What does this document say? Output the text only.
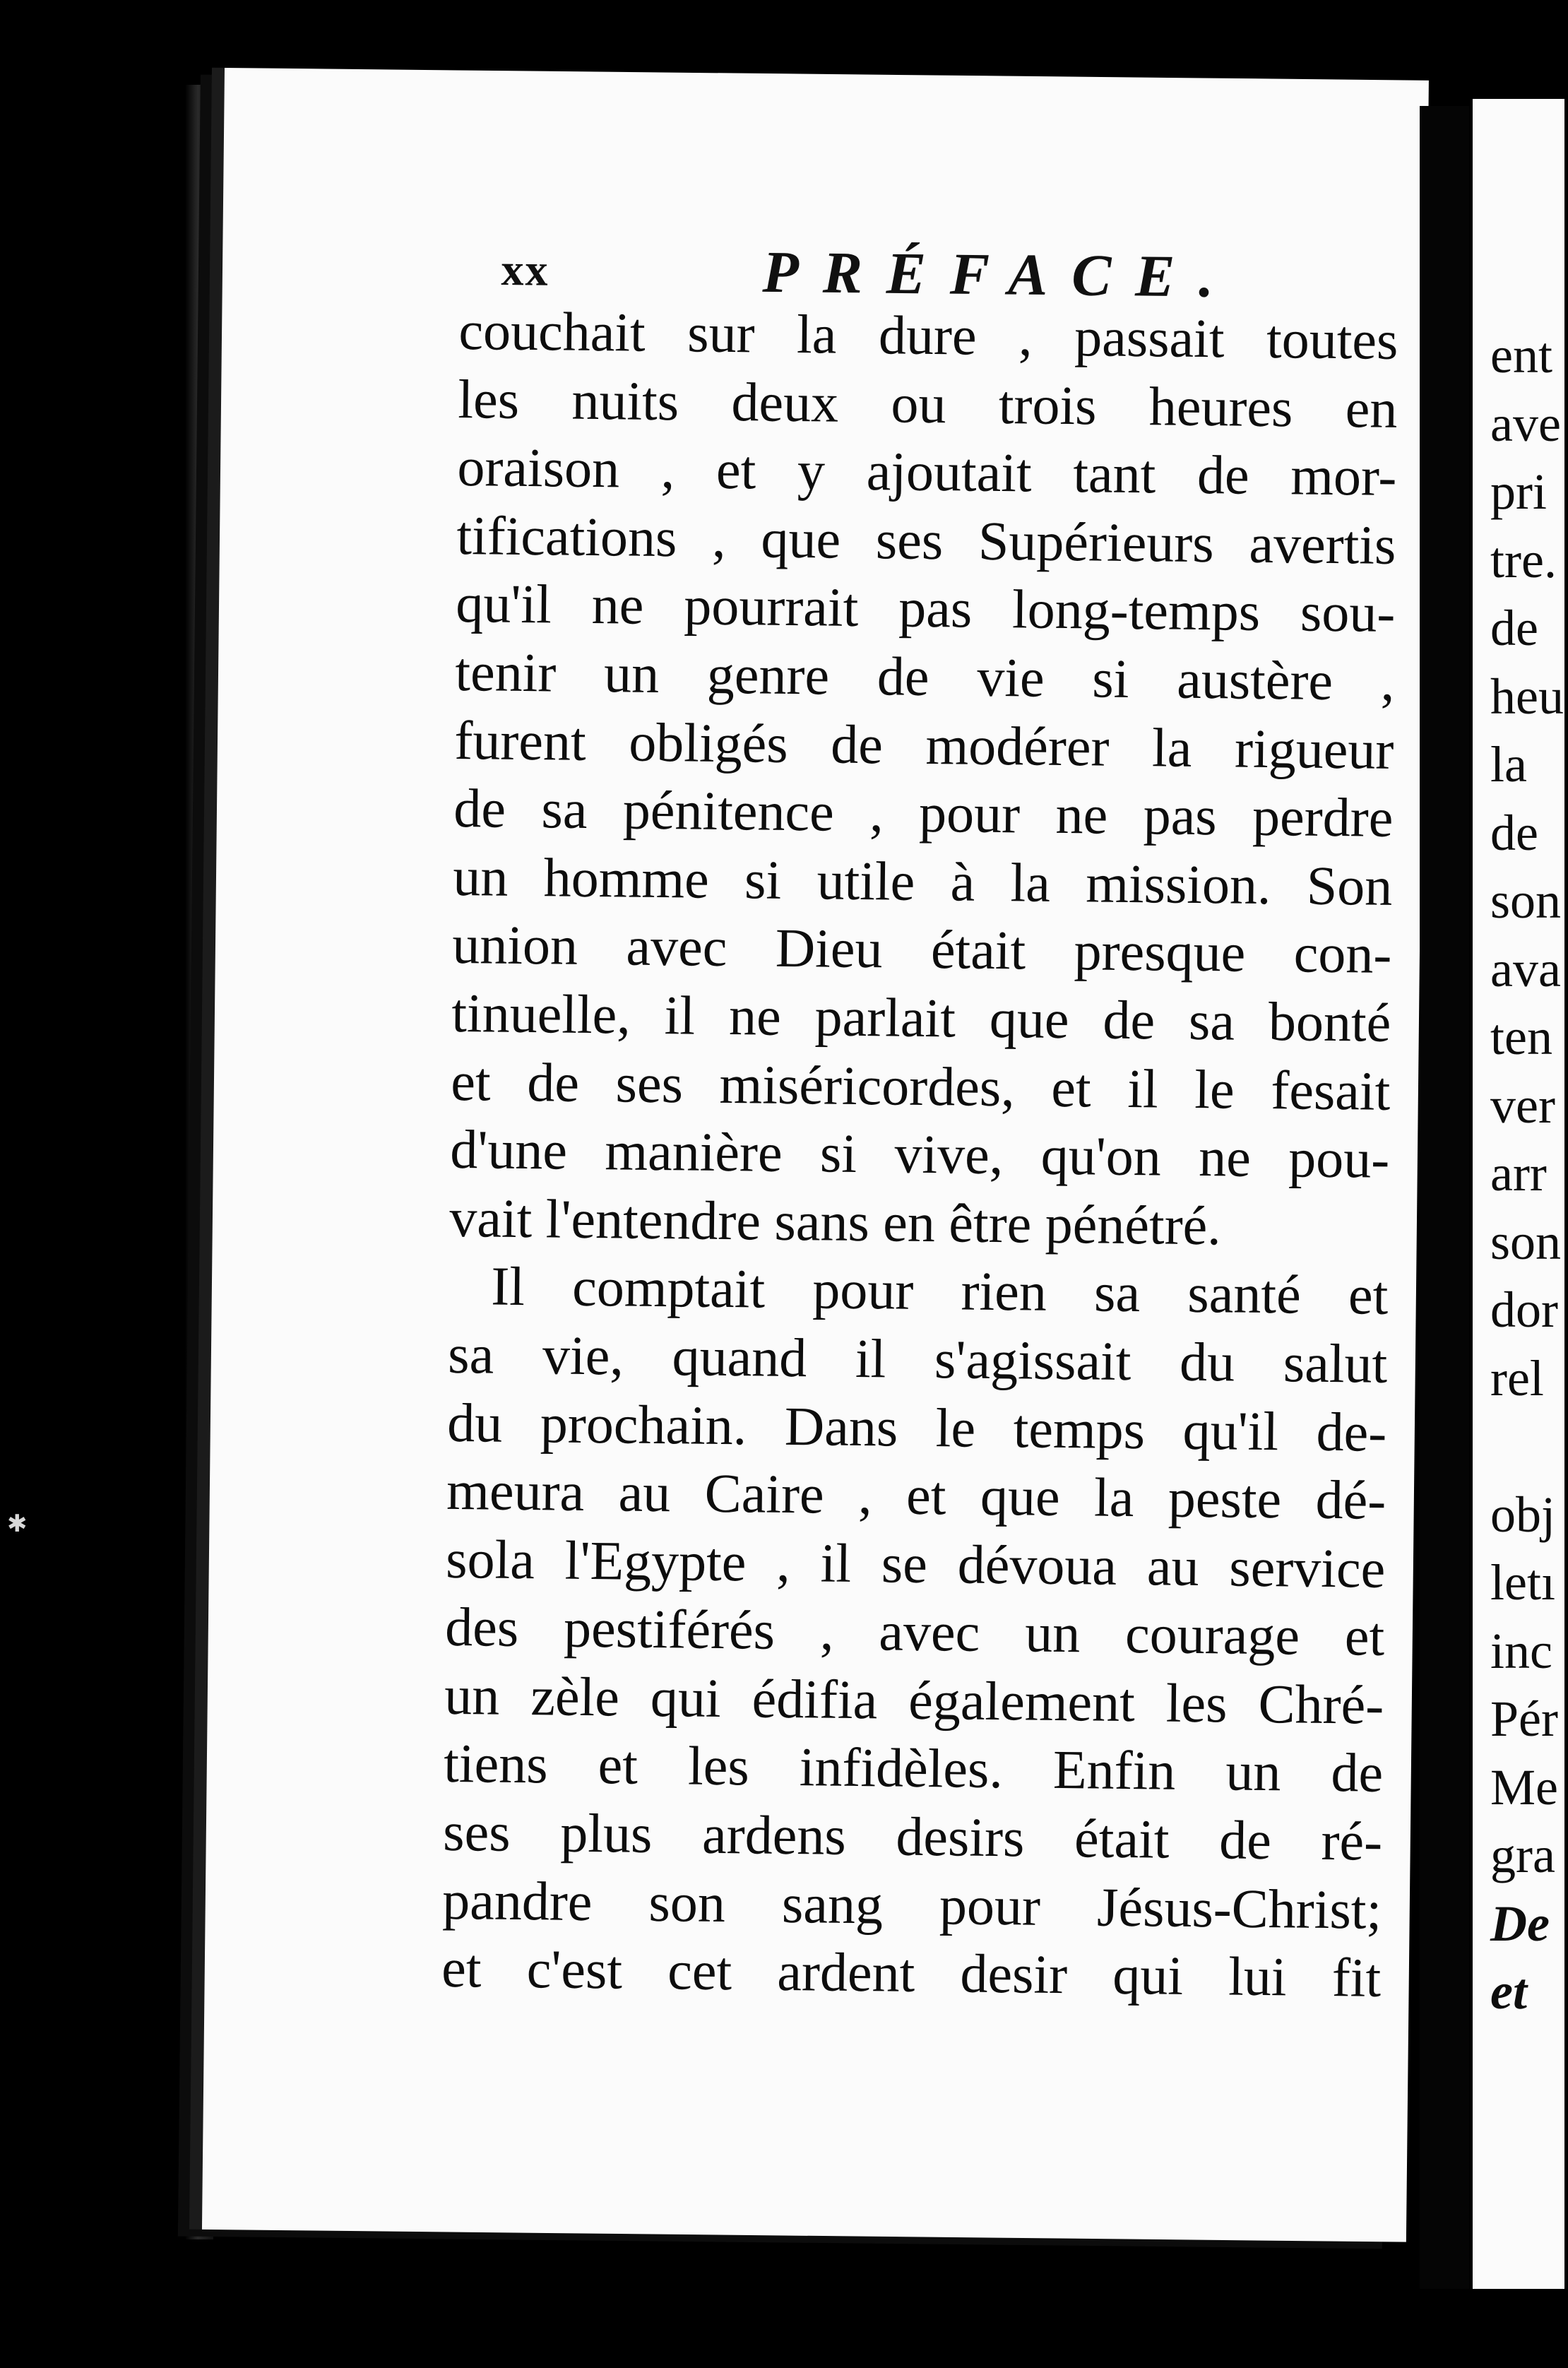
xx	PRÉFACE.
couchait sur la dure , passait toutes
les nuits deux ou trois heures en
oraison , et y ajoutait tant de mor-
tifications , que ses Supérieurs avertis
qu'il ne pourrait pas long-temps sou-
tenir un genre de vie si austère ,
furent obligés de modérer la rigueur
de sa pénitence , pour ne pas perdre
un homme si utile à la mission. Son
union avec Dieu était presque con-
tinuelle, il ne parlait que de sa bonté
et de ses miséricordes, et il le fesait
d'une manière si vive, qu'on ne pou-
vait l'entendre sans en être pénétré.
Il comptait pour rien sa santé et
sa vie, quand il s'agissait du salut
du prochain. Dans le temps qu'il de-
meura au Caire , et que la peste dé-
sola l'Egypte , il se dévoua au service
des pestiférés , avec un courage et
un zèle qui édifia également les Chré-
tiens et les infidèles. Enfin un de
ses plus ardens desirs était de ré-
pandre son sang pour Jésus-Christ;
et c'est cet ardent desir qui lui fit
ent
ave
pri
tre.
de
heu
la
de
son
ava
ten
ver
arr
son
dor
rel
obj
letı
inc
Pér
Me
gra
De
et
✱
